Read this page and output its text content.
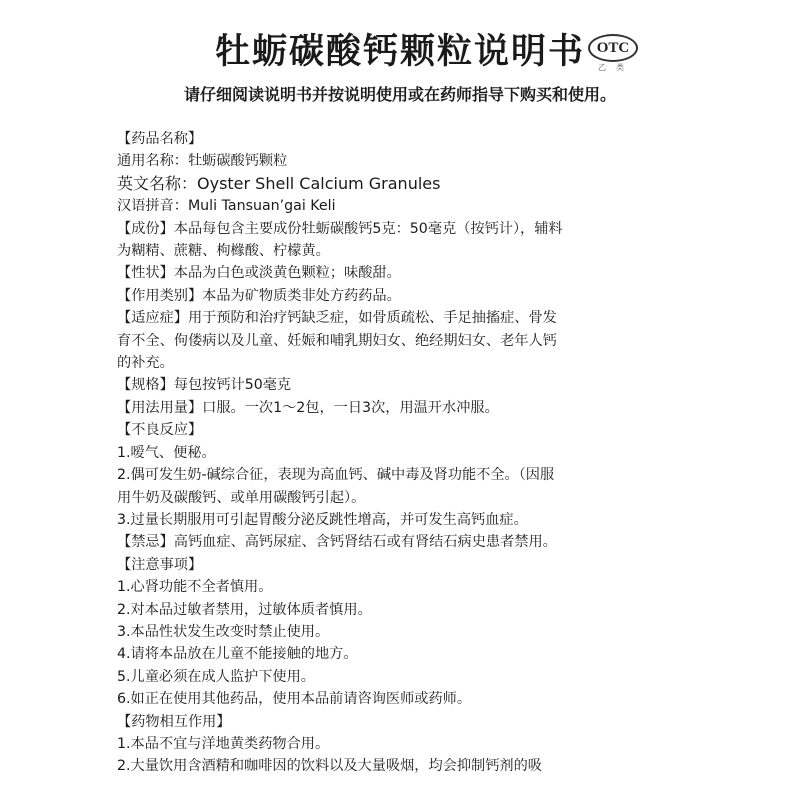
牡蛎碳酸钙颗粒说明书 OTC
乙类
请仔细阅读说明书并按说明使用或在药师指导下购买和使用。
【药品名称】
通用名称：牡蛎碳酸钙颗粒
英文名称：Oyster Shell Calcium Granules
汉语拼音：Muli Tansuan’gai Keli
【成份】本品每包含主要成份牡蛎碳酸钙5克：50毫克（按钙计），辅料
为糊精、蔗糖、枸橼酸、柠檬黄。
【性状】本品为白色或淡黄色颗粒；味酸甜。
【作用类别】本品为矿物质类非处方药药品。
【适应症】用于预防和治疗钙缺乏症，如骨质疏松、手足抽搐症、骨发
育不全、佝偻病以及儿童、妊娠和哺乳期妇女、绝经期妇女、老年人钙
的补充。
【规格】每包按钙计50毫克
【用法用量】口服。一次1～2包，一日3次，用温开水冲服。
【不良反应】
1.嗳气、便秘。
2.偶可发生奶-碱综合征，表现为高血钙、碱中毒及肾功能不全。（因服
用牛奶及碳酸钙、或单用碳酸钙引起）。
3.过量长期服用可引起胃酸分泌反跳性增高，并可发生高钙血症。
【禁忌】高钙血症、高钙尿症、含钙肾结石或有肾结石病史患者禁用。
【注意事项】
1.心肾功能不全者慎用。
2.对本品过敏者禁用，过敏体质者慎用。
3.本品性状发生改变时禁止使用。
4.请将本品放在儿童不能接触的地方。
5.儿童必须在成人监护下使用。
6.如正在使用其他药品，使用本品前请咨询医师或药师。
【药物相互作用】
1.本品不宜与洋地黄类药物合用。
2.大量饮用含酒精和咖啡因的饮料以及大量吸烟，均会抑制钙剂的吸
